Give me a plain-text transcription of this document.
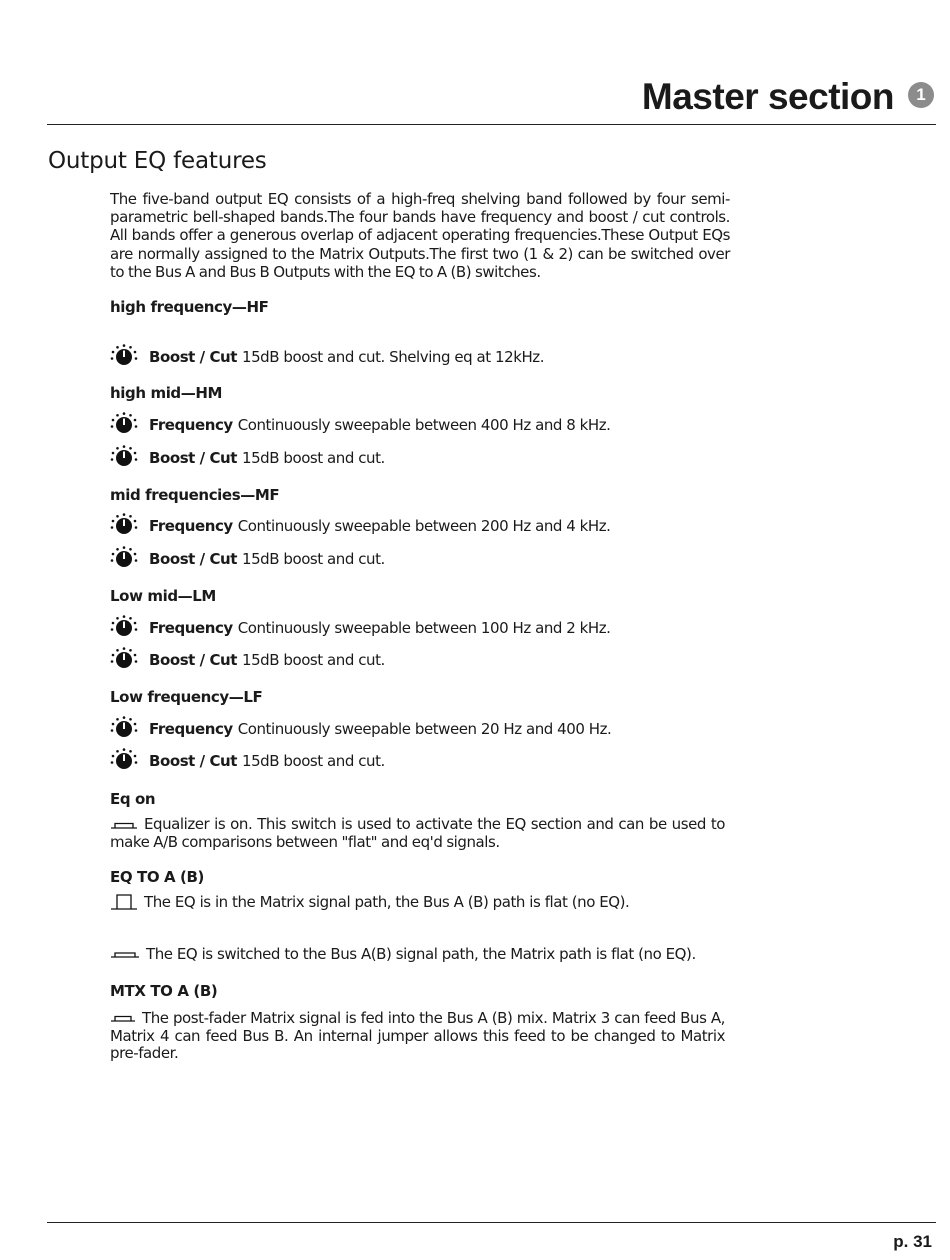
Master section	1
Output EQ features

The five-band output EQ consists of a high-freq shelving band followed by four semi-parametric bell-shaped bands.The four bands have frequency and boost / cut controls. All bands offer a generous overlap of adjacent operating frequencies.These Output EQs are normally assigned to the Matrix Outputs.The first two (1 & 2) can be switched over to the Bus A and Bus B Outputs with the EQ to A (B) switches.

high frequency—HF

Boost / Cut 15dB boost and cut. Shelving eq at 12kHz.

high mid—HM

Frequency Continuously sweepable between 400 Hz and 8 kHz.

Boost / Cut 15dB boost and cut.

mid frequencies—MF

Frequency Continuously sweepable between 200 Hz and 4 kHz.

Boost / Cut 15dB boost and cut.

Low mid—LM

Frequency Continuously sweepable between 100 Hz and 2 kHz.

Boost / Cut 15dB boost and cut.

Low frequency—LF

Frequency Continuously sweepable between 20 Hz and 400 Hz.

Boost / Cut 15dB boost and cut.

Eq on

Equalizer is on. This switch is used to activate the EQ section and can be used to make A/B comparisons between "flat" and eq'd signals.

EQ TO A (B)

The EQ is in the Matrix signal path, the Bus A (B) path is flat (no EQ).

The EQ is switched to the Bus A(B) signal path, the Matrix path is flat (no EQ).

MTX TO A (B)

The post-fader Matrix signal is fed into the Bus A (B) mix. Matrix 3 can feed Bus A, Matrix 4 can feed Bus B. An internal jumper allows this feed to be changed to Matrix pre-fader.

p. 31
